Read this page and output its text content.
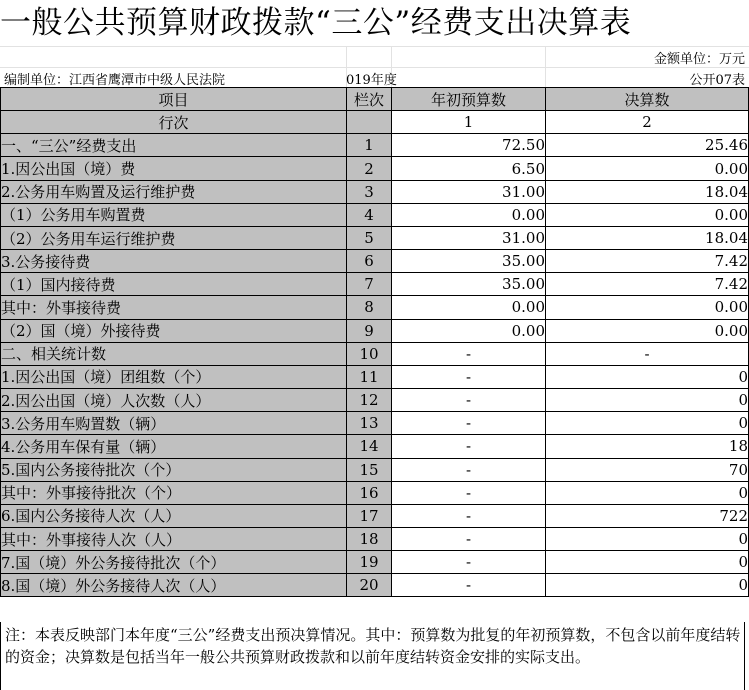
一般公共预算财政拨款“三公”经费支出决算表
金额单位：万元
编制单位：江西省鹰潭市中级人民法院	019年度	公开07表
项目	栏次	年初预算数	决算数
行次		1	2
一、“三公”经费支出	1	72.50	25.46
1.因公出国（境）费	2	6.50	0.00
2.公务用车购置及运行维护费	3	31.00	18.04
（1）公务用车购置费	4	0.00	0.00
（2）公务用车运行维护费	5	31.00	18.04
3.公务接待费	6	35.00	7.42
（1）国内接待费	7	35.00	7.42
其中：外事接待费	8	0.00	0.00
（2）国（境）外接待费	9	0.00	0.00
二、相关统计数	10	-	-
1.因公出国（境）团组数（个）	11	-	0
2.因公出国（境）人次数（人）	12	-	0
3.公务用车购置数（辆）	13	-	0
4.公务用车保有量（辆）	14	-	18
5.国内公务接待批次（个）	15	-	70
其中：外事接待批次（个）	16	-	0
6.国内公务接待人次（人）	17	-	722
其中：外事接待人次（人）	18	-	0
7.国（境）外公务接待批次（个）	19	-	0
8.国（境）外公务接待人次（人）	20	-	0
注：本表反映部门本年度“三公”经费支出预决算情况。其中：预算数为批复的年初预算数，不包含以前年度结转的资金；决算数是包括当年一般公共预算财政拨款和以前年度结转资金安排的实际支出。
